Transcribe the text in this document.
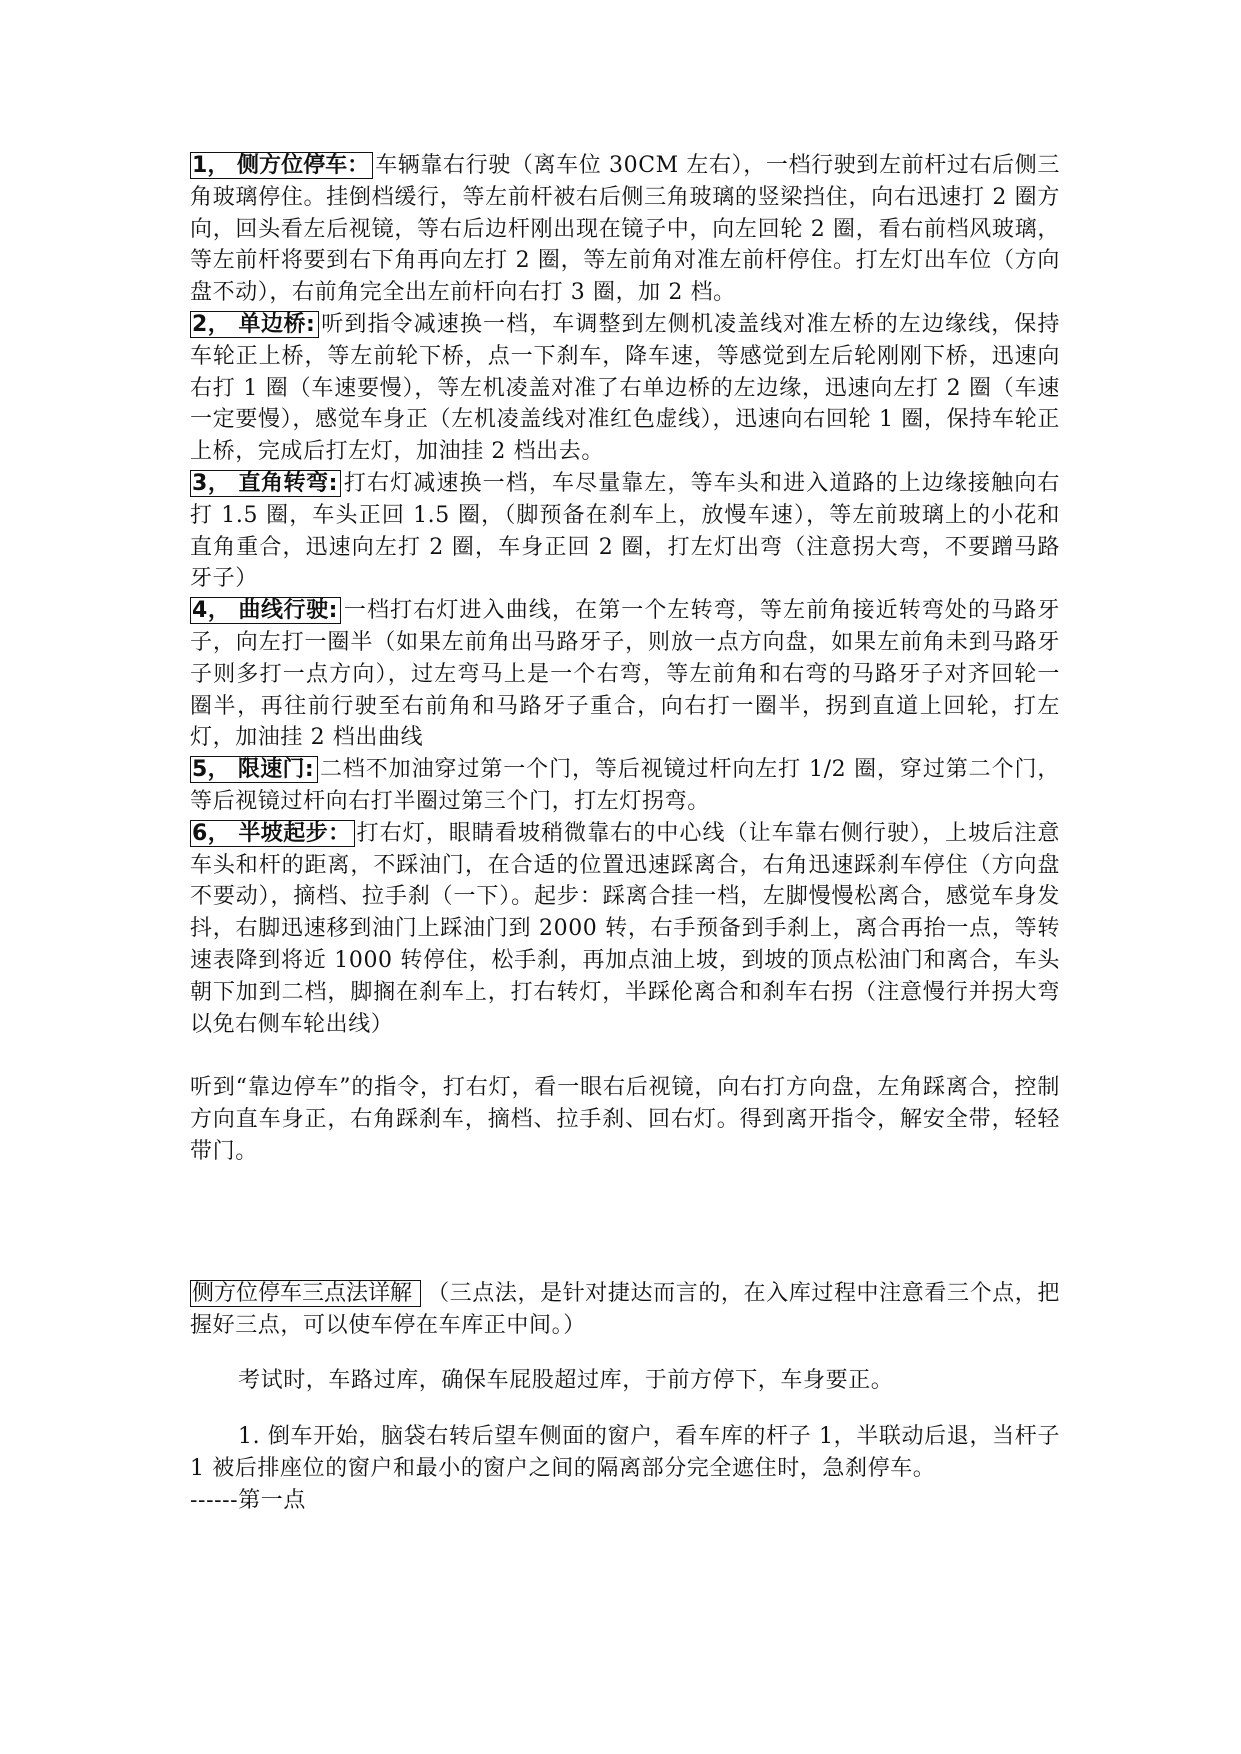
1， 侧方位停车： 车辆靠右行驶（离车位 30CM 左右），一档行驶到左前杆过右后侧三角玻璃停住。挂倒档缓行，等左前杆被右后侧三角玻璃的竖梁挡住，向右迅速打 2 圈方向，回头看左后视镜，等右后边杆刚出现在镜子中，向左回轮 2 圈，看右前档风玻璃，等左前杆将要到右下角再向左打 2 圈，等左前角对准左前杆停住。打左灯出车位（方向盘不动），右前角完全出左前杆向右打 3 圈，加 2 档。

2， 单边桥: 听到指令减速换一档，车调整到左侧机凌盖线对准左桥的左边缘线，保持车轮正上桥，等左前轮下桥，点一下刹车，降车速，等感觉到左后轮刚刚下桥，迅速向右打 1 圈（车速要慢），等左机凌盖对准了右单边桥的左边缘，迅速向左打 2 圈（车速一定要慢），感觉车身正（左机凌盖线对准红色虚线），迅速向右回轮 1 圈，保持车轮正上桥，完成后打左灯，加油挂 2 档出去。

3， 直角转弯: 打右灯减速换一档，车尽量靠左，等车头和进入道路的上边缘接触向右打 1.5 圈，车头正回 1.5 圈，（脚预备在刹车上，放慢车速），等左前玻璃上的小花和直角重合，迅速向左打 2 圈，车身正回 2 圈，打左灯出弯（注意拐大弯，不要蹭马路牙子）

4， 曲线行驶: 一档打右灯进入曲线，在第一个左转弯，等左前角接近转弯处的马路牙子，向左打一圈半（如果左前角出马路牙子，则放一点方向盘，如果左前角未到马路牙子则多打一点方向），过左弯马上是一个右弯，等左前角和右弯的马路牙子对齐回轮一圈半，再往前行驶至右前角和马路牙子重合，向右打一圈半，拐到直道上回轮，打左灯，加油挂 2 档出曲线

5， 限速门: 二档不加油穿过第一个门，等后视镜过杆向左打 1/2 圈，穿过第二个门，等后视镜过杆向右打半圈过第三个门，打左灯拐弯。

6， 半坡起步： 打右灯，眼睛看坡稍微靠右的中心线（让车靠右侧行驶），上坡后注意车头和杆的距离，不踩油门，在合适的位置迅速踩离合，右角迅速踩刹车停住（方向盘不要动），摘档、拉手刹（一下）。起步：踩离合挂一档，左脚慢慢松离合，感觉车身发抖，右脚迅速移到油门上踩油门到 2000 转，右手预备到手刹上，离合再抬一点，等转速表降到将近 1000 转停住，松手刹，再加点油上坡，到坡的顶点松油门和离合，车头朝下加到二档，脚搁在刹车上，打右转灯，半踩伦离合和刹车右拐（注意慢行并拐大弯以免右侧车轮出线）

听到“靠边停车”的指令，打右灯，看一眼右后视镜，向右打方向盘，左角踩离合，控制方向直车身正，右角踩刹车，摘档、拉手刹、回右灯。得到离开指令，解安全带，轻轻带门。

侧方位停车三点法详解 （三点法，是针对捷达而言的，在入库过程中注意看三个点，把握好三点，可以使车停在车库正中间。）

考试时，车路过库，确保车屁股超过库，于前方停下，车身要正。

1. 倒车开始，脑袋右转后望车侧面的窗户，看车库的杆子 1，半联动后退，当杆子 1 被后排座位的窗户和最小的窗户之间的隔离部分完全遮住时，急刹停车。

------第一点
